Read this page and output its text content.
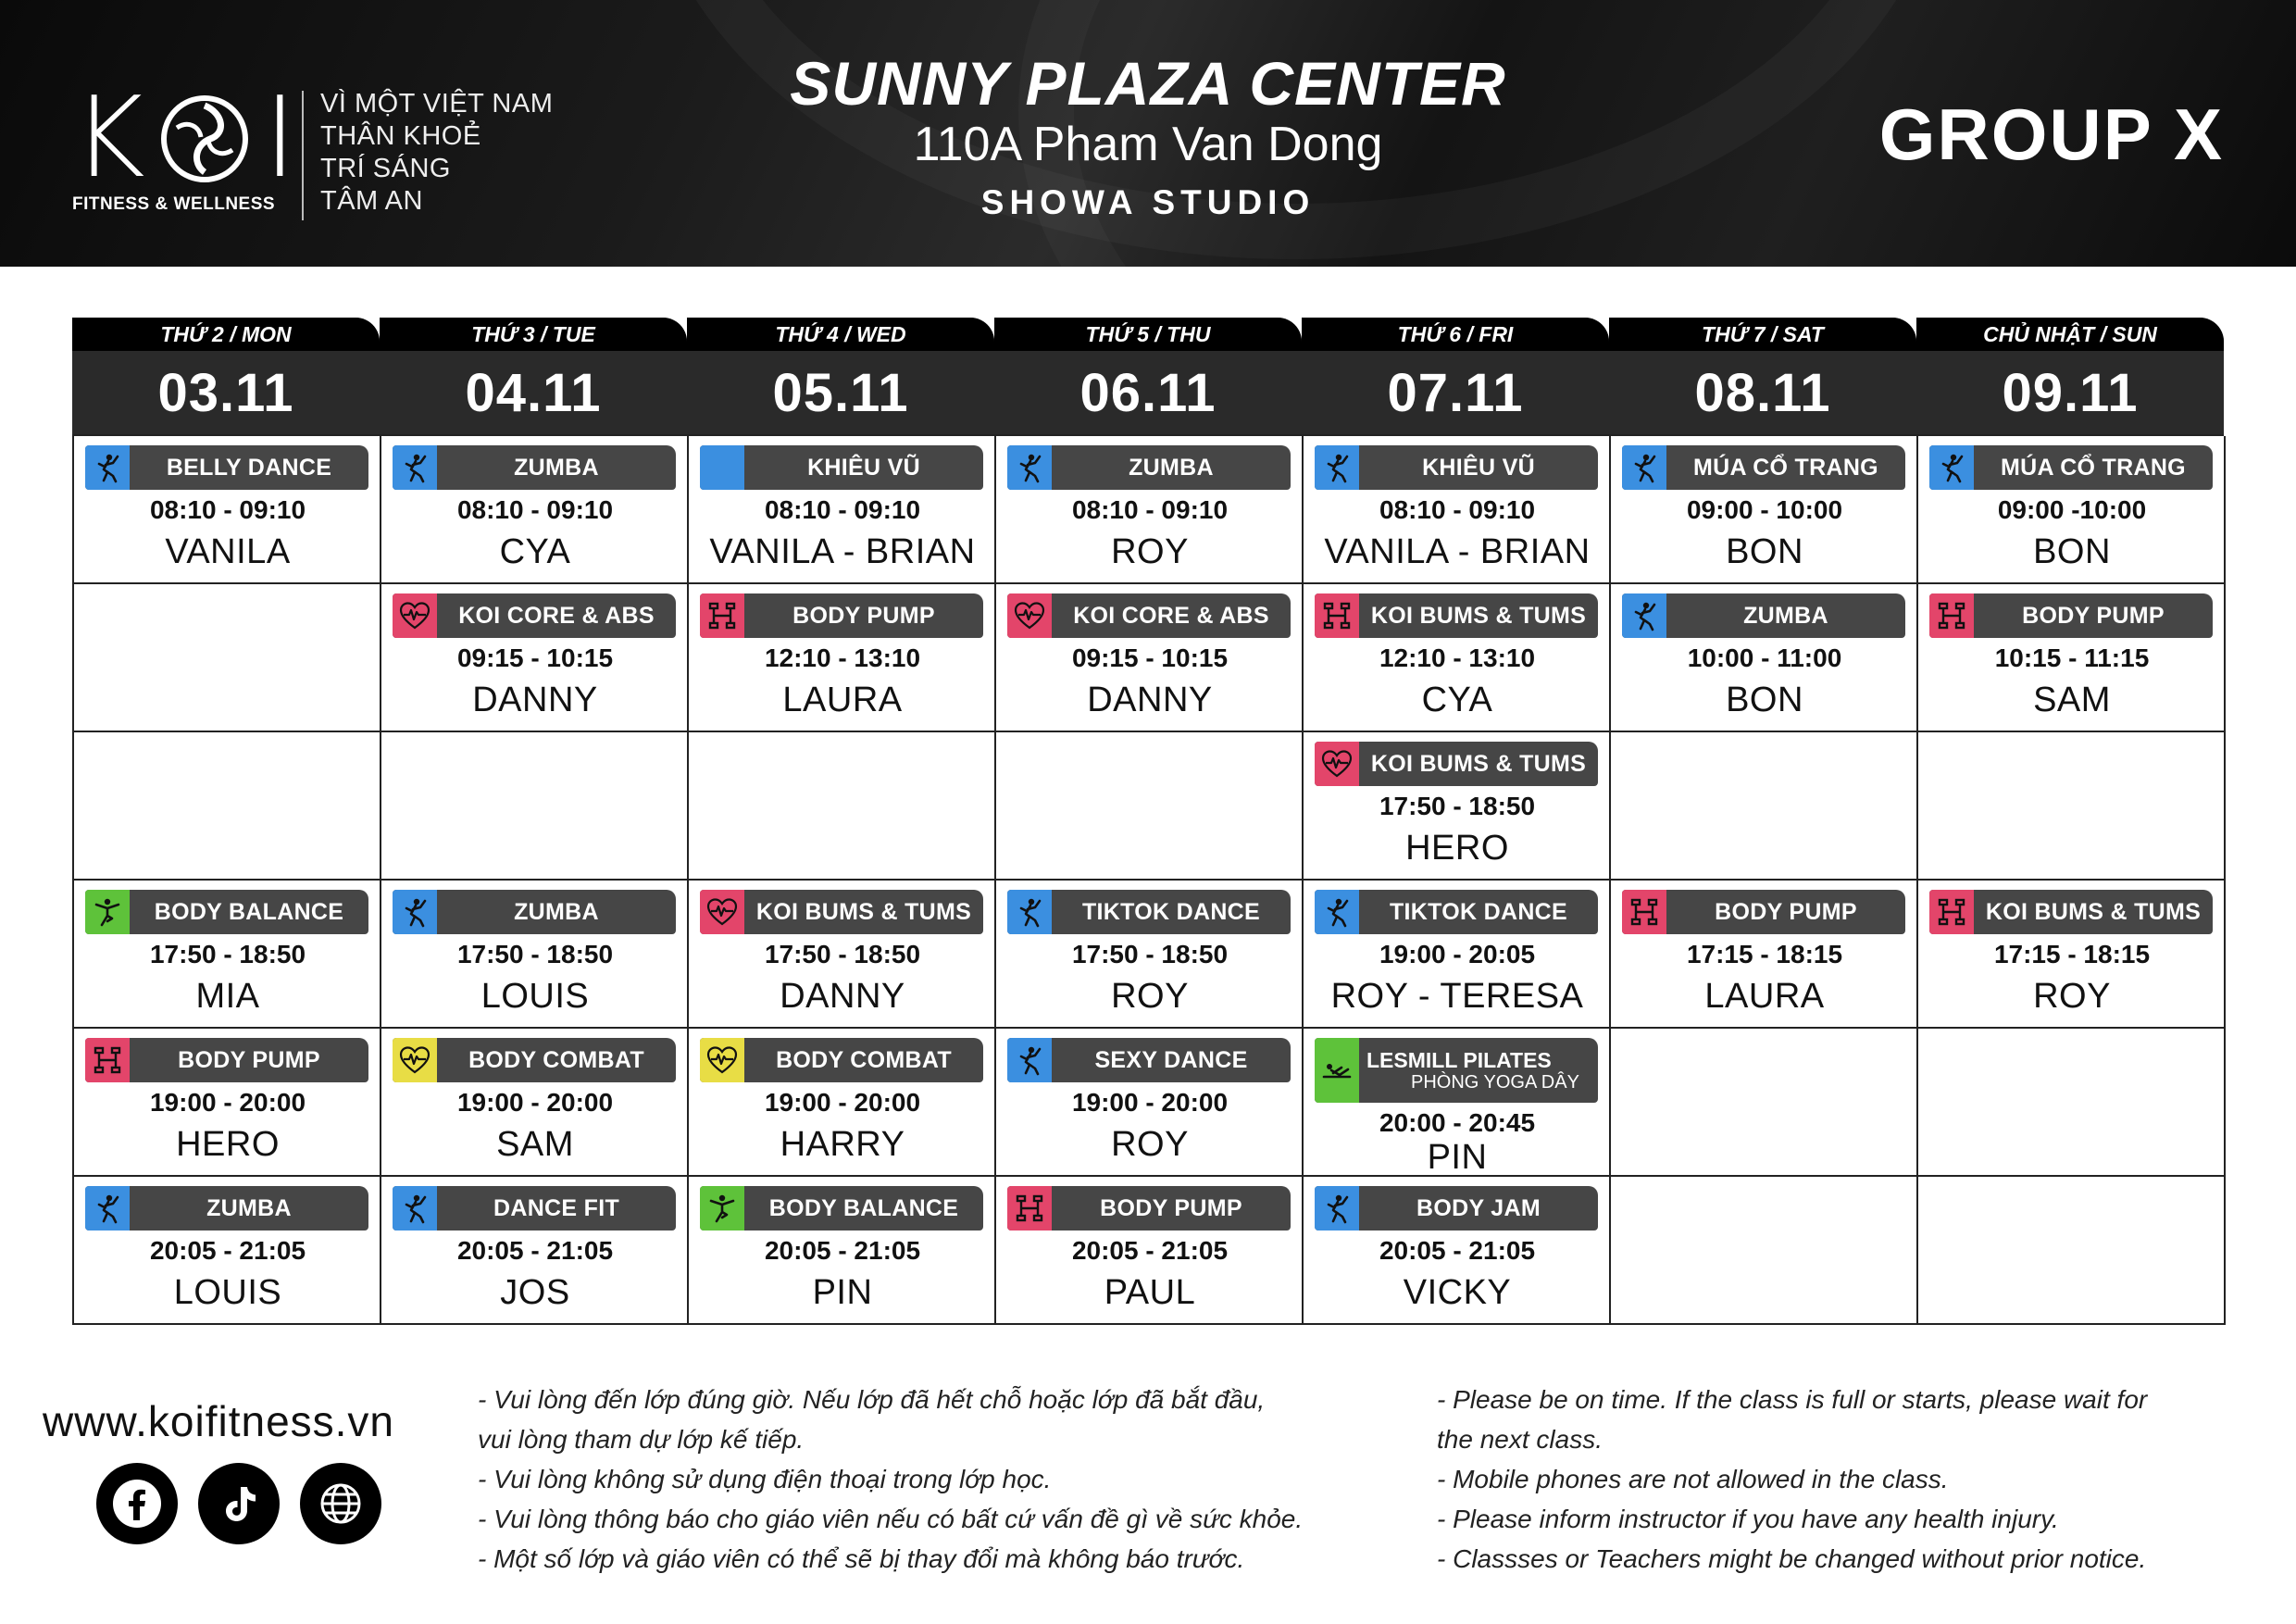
K I
FITNESS & WELLNESS
VÌ MỘT VIỆT NAM
THÂN KHOẺ
TRÍ SÁNG
TÂM AN
SUNNY PLAZA CENTER
110A Pham Van Dong
SHOWA STUDIO
GROUP X
THỨ 2 / MON
03.11
THỨ 3 / TUE
04.11
THỨ 4 / WED
05.11
THỨ 5 / THU
06.11
THỨ 6 / FRI
07.11
THỨ 7 / SAT
08.11
CHỦ NHẬT / SUN
09.11
BELLY DANCE
08:10 - 09:10
VANILA
ZUMBA
08:10 - 09:10
CYA
KHIÊU VŨ
08:10 - 09:10
VANILA - BRIAN
ZUMBA
08:10 - 09:10
ROY
KHIÊU VŨ
08:10 - 09:10
VANILA - BRIAN
MÚA CỔ TRANG
09:00 - 10:00
BON
MÚA CỔ TRANG
09:00 -10:00
BON
KOI CORE & ABS
09:15 - 10:15
DANNY
BODY PUMP
12:10 - 13:10
LAURA
KOI CORE & ABS
09:15 - 10:15
DANNY
KOI BUMS & TUMS
12:10 - 13:10
CYA
ZUMBA
10:00 - 11:00
BON
BODY PUMP
10:15 - 11:15
SAM
KOI BUMS & TUMS
17:50 - 18:50
HERO
BODY BALANCE
17:50 - 18:50
MIA
ZUMBA
17:50 - 18:50
LOUIS
KOI BUMS & TUMS
17:50 - 18:50
DANNY
TIKTOK DANCE
17:50 - 18:50
ROY
TIKTOK DANCE
19:00 - 20:05
ROY - TERESA
BODY PUMP
17:15 - 18:15
LAURA
KOI BUMS & TUMS
17:15 - 18:15
ROY
BODY PUMP
19:00 - 20:00
HERO
BODY COMBAT
19:00 - 20:00
SAM
BODY COMBAT
19:00 - 20:00
HARRY
SEXY DANCE
19:00 - 20:00
ROY
LESMILL PILATES
PHÒNG YOGA DÂY
20:00 - 20:45
PIN
ZUMBA
20:05 - 21:05
LOUIS
DANCE FIT
20:05 - 21:05
JOS
BODY BALANCE
20:05 - 21:05
PIN
BODY PUMP
20:05 - 21:05
PAUL
BODY JAM
20:05 - 21:05
VICKY
www.koifitness.vn	- Vui lòng đến lớp đúng giờ. Nếu lớp đã hết chỗ hoặc lớp đã bắt đầu,
vui lòng tham dự lớp kế tiếp.
- Vui lòng không sử dụng điện thoại trong lớp học.
- Vui lòng thông báo cho giáo viên nếu có bất cứ vấn đề gì về sức khỏe.
- Một số lớp và giáo viên có thể sẽ bị thay đổi mà không báo trước.
- Please be on time. If the class is full or starts, please wait for
the next class.
- Mobile phones are not allowed in the class.
- Please inform instructor if you have any health injury.
- Classses or Teachers might be changed without prior notice.
